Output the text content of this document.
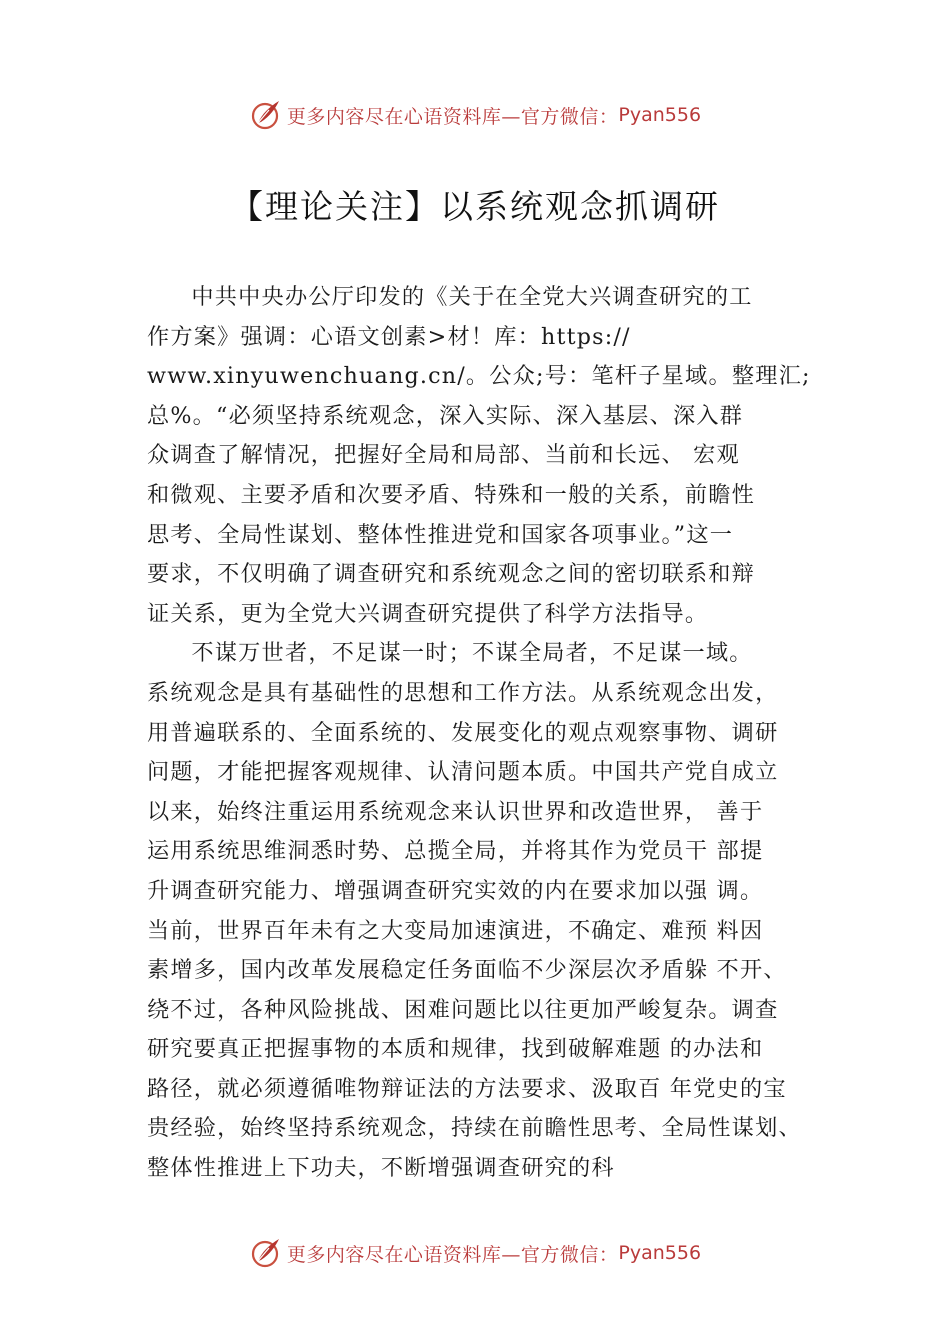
更多内容尽在心语资料库—官方微信： Pyan556
【理论关注】以系统观念抓调研

中共中央办公厅印发的《关于在全党大兴调查研究的工
作方案》强调：心语文创素>材！库：https://
www.xinyuwenchuang.cn/。公众;号：笔杆子星域。整理汇;
总%。“必须坚持系统观念，深入实际、深入基层、深入群
众调查了解情况，把握好全局和局部、当前和长远、 宏观
和微观、主要矛盾和次要矛盾、特殊和一般的关系，前瞻性
思考、全局性谋划、整体性推进党和国家各项事业。”这一
要求，不仅明确了调查研究和系统观念之间的密切联系和辩
证关系，更为全党大兴调查研究提供了科学方法指导。

不谋万世者，不足谋一时；不谋全局者，不足谋一域。
系统观念是具有基础性的思想和工作方法。从系统观念出发，
用普遍联系的、全面系统的、发展变化的观点观察事物、调研
问题，才能把握客观规律、认清问题本质。中国共产党自成立
以来，始终注重运用系统观念来认识世界和改造世界， 善于
运用系统思维洞悉时势、总揽全局，并将其作为党员干 部提
升调查研究能力、增强调查研究实效的内在要求加以强 调。
当前，世界百年未有之大变局加速演进，不确定、难预 料因
素增多，国内改革发展稳定任务面临不少深层次矛盾躲 不开、
绕不过，各种风险挑战、困难问题比以往更加严峻复杂。调查
研究要真正把握事物的本质和规律，找到破解难题 的办法和
路径，就必须遵循唯物辩证法的方法要求、汲取百 年党史的宝
贵经验，始终坚持系统观念，持续在前瞻性思考、全局性谋划、
整体性推进上下功夫，不断增强调查研究的科

更多内容尽在心语资料库—官方微信： Pyan556
